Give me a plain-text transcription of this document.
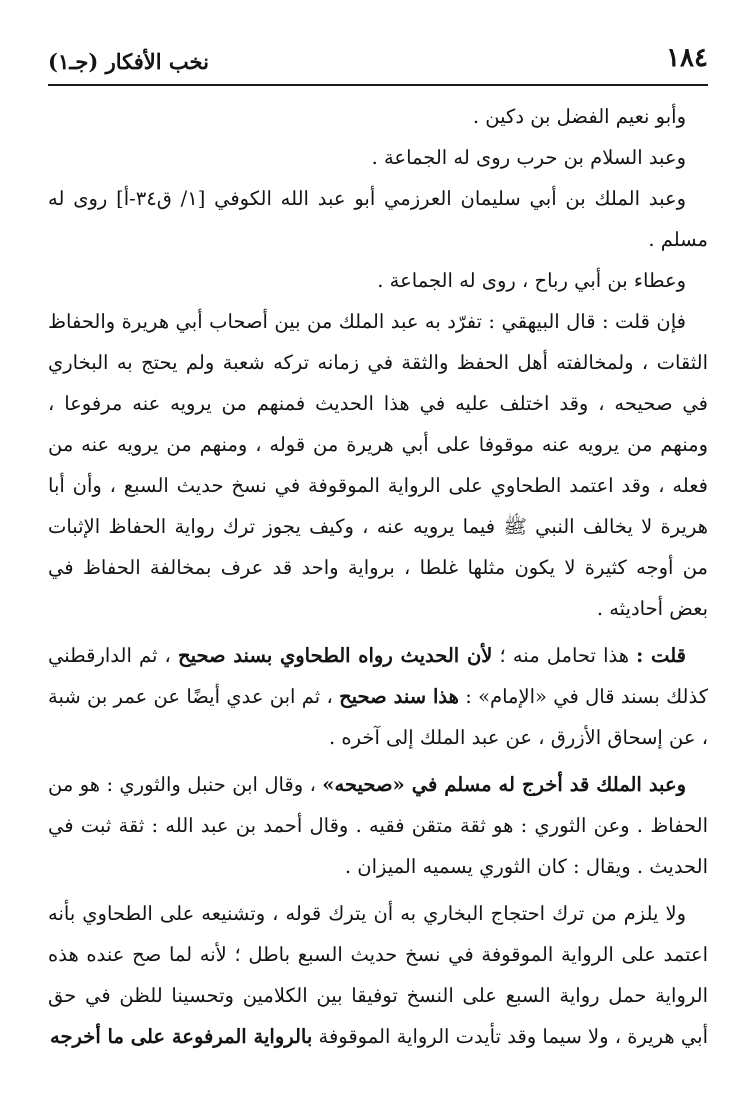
١٨٤
نخب الأفكار (جـ١)

وأبو نعيم الفضل بن دكين .

وعبد السلام بن حرب روى له الجماعة .

وعبد الملك بن أبي سليمان العرزمي أبو عبد الله الكوفي [١/ ق٣٤-أ] روى له مسلم .

وعطاء بن أبي رباح ، روى له الجماعة .

فإن قلت : قال البيهقي : تفرّد به عبد الملك من بين أصحاب أبي هريرة والحفاظ الثقات ، ولمخالفته أهل الحفظ والثقة في زمانه تركه شعبة ولم يحتج به البخاري في صحيحه ، وقد اختلف عليه في هذا الحديث فمنهم من يرويه عنه مرفوعا ، ومنهم من يرويه عنه موقوفا على أبي هريرة من قوله ، ومنهم من يرويه عنه من فعله ، وقد اعتمد الطحاوي على الرواية الموقوفة في نسخ حديث السبع ، وأن أبا هريرة لا يخالف النبي ﷺ فيما يرويه عنه ، وكيف يجوز ترك رواية الحفاظ الإثبات من أوجه كثيرة لا يكون مثلها غلطا ، برواية واحد قد عرف بمخالفة الحفاظ في بعض أحاديثه .

قلت : هذا تحامل منه ؛ لأن الحديث رواه الطحاوي بسند صحيح ، ثم الدارقطني كذلك بسند قال في «الإمام» : هذا سند صحيح ، ثم ابن عدي أيضًا عن عمر بن شبة ، عن إسحاق الأزرق ، عن عبد الملك إلى آخره .

وعبد الملك قد أخرج له مسلم في «صحيحه» ، وقال ابن حنبل والثوري : هو من الحفاظ . وعن الثوري : هو ثقة متقن فقيه . وقال أحمد بن عبد الله : ثقة ثبت في الحديث . ويقال : كان الثوري يسميه الميزان .

ولا يلزم من ترك احتجاج البخاري به أن يترك قوله ، وتشنيعه على الطحاوي بأنه اعتمد على الرواية الموقوفة في نسخ حديث السبع باطل ؛ لأنه لما صح عنده هذه الرواية حمل رواية السبع على النسخ توفيقا بين الكلامين وتحسينا للظن في حق أبي هريرة ، ولا سيما وقد تأيدت الرواية الموقوفة بالرواية المرفوعة على ما أخرجه
